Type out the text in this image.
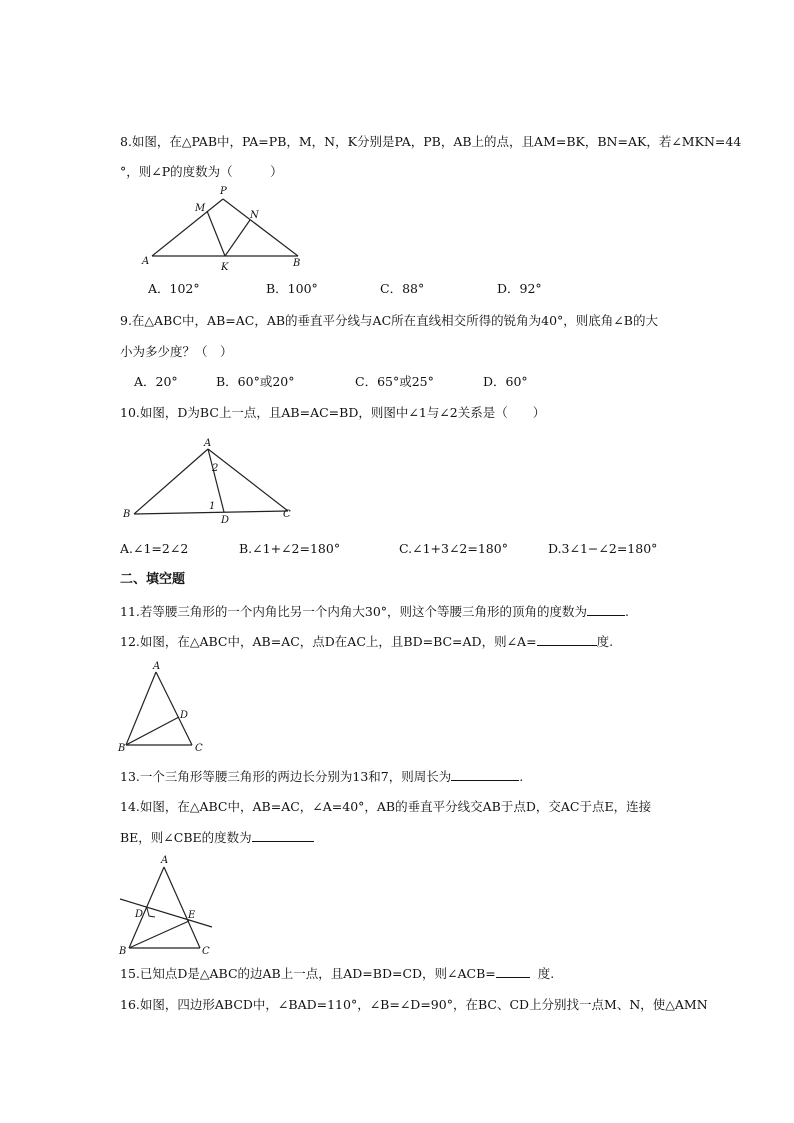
8.如图，在△PAB中，PA=PB，M，N，K分别是PA，PB，AB上的点，且AM=BK，BN=AK，若∠MKN=44
°，则∠P的度数为（　　　）
P
M
N
A
K	B
A．102°	B．100°	C．88°	D．92°
9.在△ABC中，AB=AC，AB的垂直平分线与AC所在直线相交所得的锐角为40°，则底角∠B的大
小为多少度？（　）
A．20°	B．60°或20°	C．65°或25°	D．60°
10.如图，D为BC上一点，且AB=AC=BD，则图中∠1与∠2关系是（　　）
A
2
1
B
D
C
A.∠1=2∠2	B.∠1+∠2=180°	C.∠1+3∠2=180°	D.3∠1−∠2=180°
二、填空题
11.若等腰三角形的一个内角比另一个内角大30°，则这个等腰三角形的顶角的度数为	.
12.如图，在△ABC中，AB=AC，点D在AC上，且BD=BC=AD，则∠A=	度.
A
D
B	C
13.一个三角形等腰三角形的两边长分别为13和7，则周长为	.
14.如图，在△ABC中，AB=AC，∠A=40°，AB的垂直平分线交AB于点D，交AC于点E，连接
BE，则∠CBE的度数为
A
D	E
B	C
15.已知点D是△ABC的边AB上一点，且AD=BD=CD，则∠ACB=	度.
16.如图，四边形ABCD中，∠BAD=110°，∠B=∠D=90°，在BC、CD上分别找一点M、N，使△AMN
